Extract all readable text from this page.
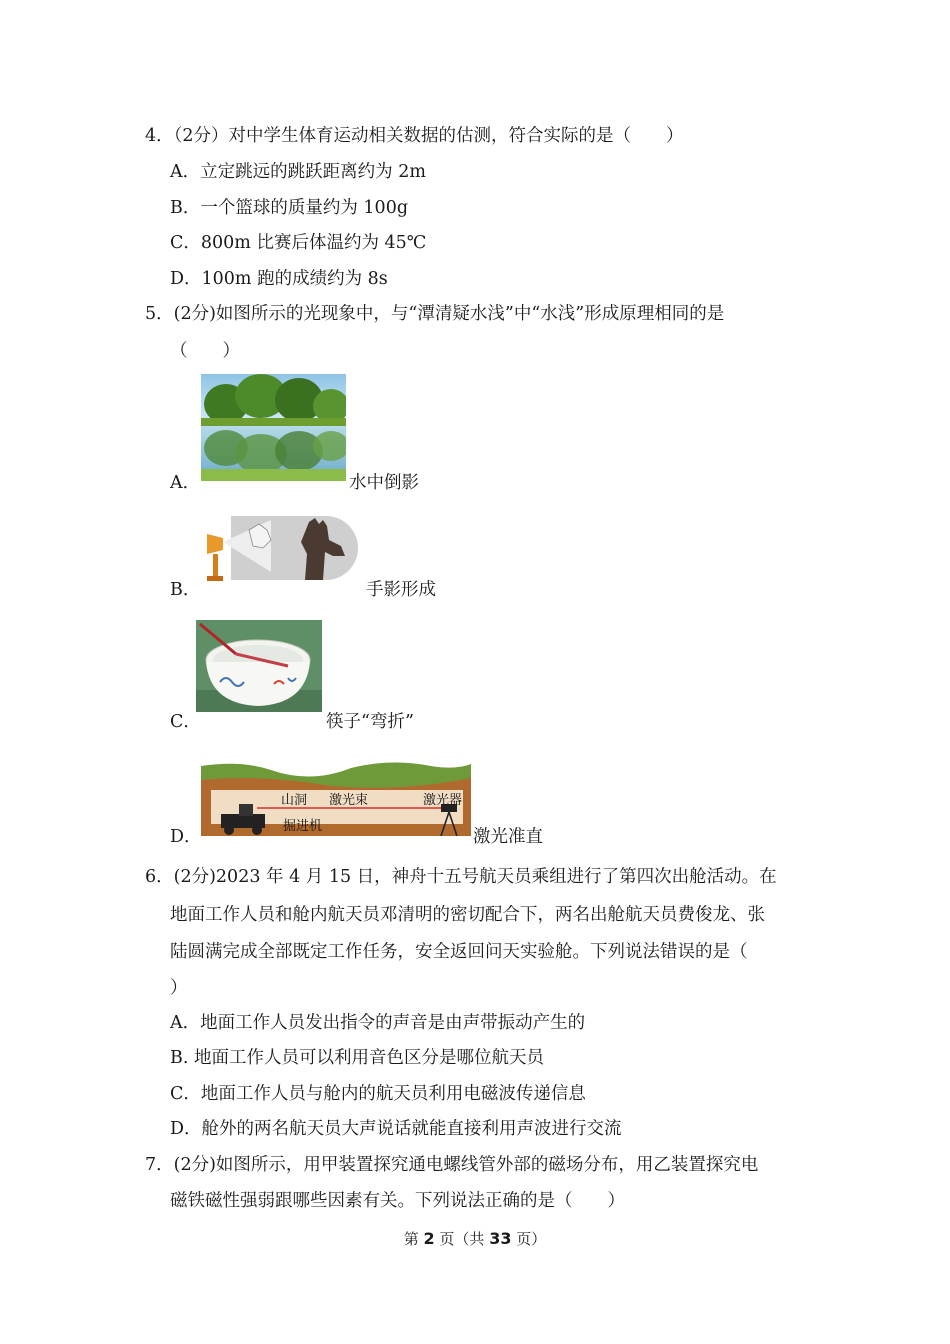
4．（2分）对中学生体育运动相关数据的估测，符合实际的是（　　）
A．立定跳远的跳跃距离约为 2m
B．一个篮球的质量约为 100g
C．800m 比赛后体温约为 45℃
D．100m 跑的成绩约为 8s
5．(2分)如图所示的光现象中，与“潭清疑水浅”中“水浅”形成原理相同的是
（　　）
A．	水中倒影
B．	手影形成
C．	筷子“弯折”
山洞 激光束	激光器
掘进机
D．	激光准直
6．(2分)2023 年 4 月 15 日，神舟十五号航天员乘组进行了第四次出舱活动。在
地面工作人员和舱内航天员邓清明的密切配合下，两名出舱航天员费俊龙、张
陆圆满完成全部既定工作任务，安全返回问天实验舱。下列说法错误的是（
）
A．地面工作人员发出指令的声音是由声带振动产生的
B. 地面工作人员可以利用音色区分是哪位航天员
C．地面工作人员与舱内的航天员利用电磁波传递信息
D．舱外的两名航天员大声说话就能直接利用声波进行交流
7．(2分)如图所示，用甲装置探究通电螺线管外部的磁场分布，用乙装置探究电
磁铁磁性强弱跟哪些因素有关。下列说法正确的是（　　）
第 2 页（共 33 页）
